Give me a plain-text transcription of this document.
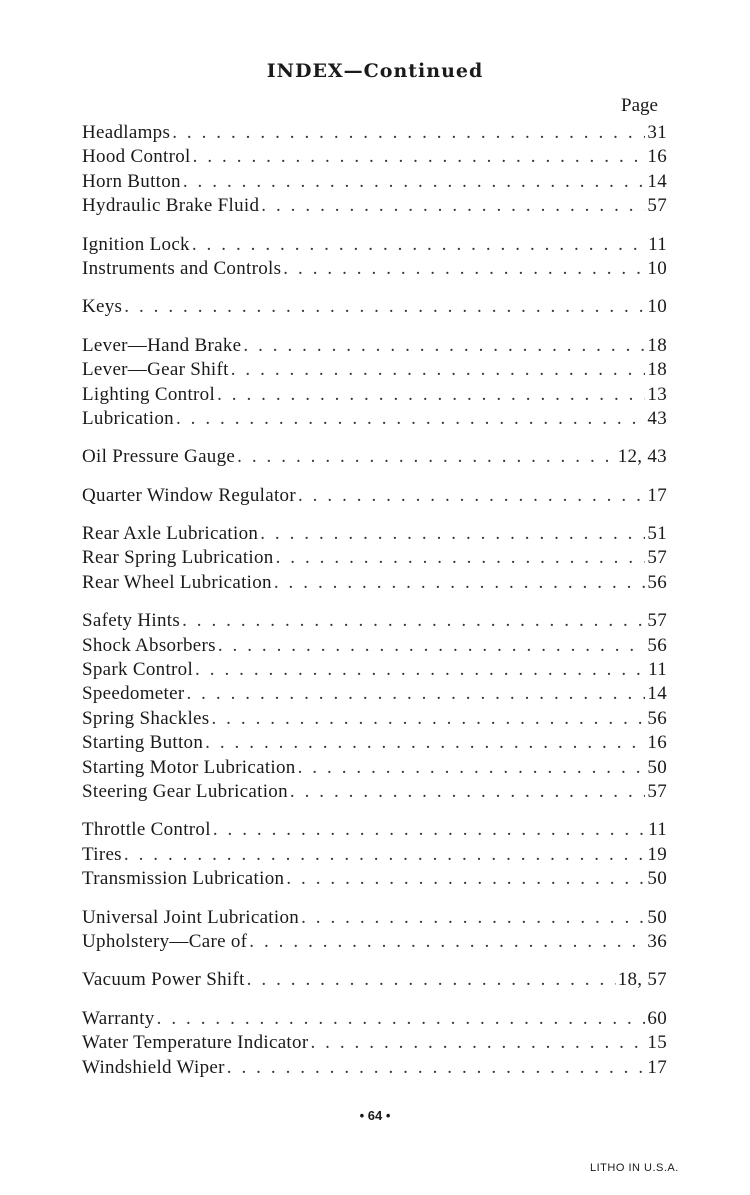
INDEX—Continued
Page
Headlamps . . .	31
Hood Control . . .	16
Horn Button . . .	14
Hydraulic Brake Fluid . . .	57
Ignition Lock . . .	11
Instruments and Controls . . .	10
Keys . . .	10
Lever—Hand Brake . . .	18
Lever—Gear Shift . . .	18
Lighting Control . . .	13
Lubrication . . .	43
Oil Pressure Gauge . . .	12, 43
Quarter Window Regulator . . .	17
Rear Axle Lubrication . . .	51
Rear Spring Lubrication . . .	57
Rear Wheel Lubrication . . .	56
Safety Hints . . .	57
Shock Absorbers . . .	56
Spark Control . . .	11
Speedometer . . .	14
Spring Shackles . . .	56
Starting Button . . .	16
Starting Motor Lubrication . . .	50
Steering Gear Lubrication . . .	57
Throttle Control . . .	11
Tires . . .	19
Transmission Lubrication . . .	50
Universal Joint Lubrication . . .	50
Upholstery—Care of . . .	36
Vacuum Power Shift . . .	18, 57
Warranty . . .	60
Water Temperature Indicator . . .	15
Windshield Wiper . . .	17
• 64 •
LITHO IN U.S.A.
